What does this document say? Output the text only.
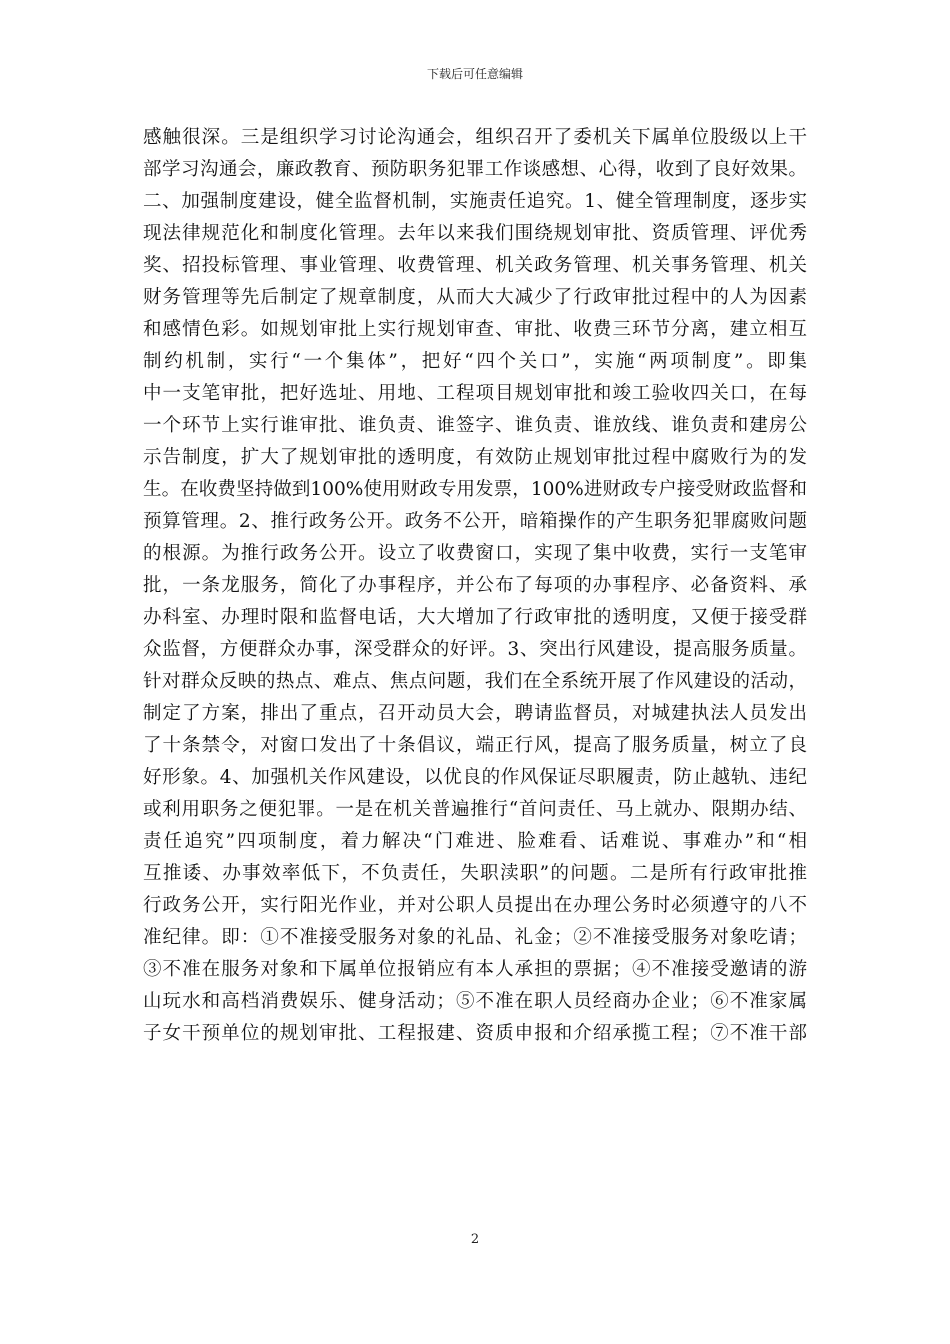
下载后可任意编辑
感触很深。三是组织学习讨论沟通会，组织召开了委机关下属单位股级以上干
部学习沟通会，廉政教育、预防职务犯罪工作谈感想、心得，收到了良好效果。
二、加强制度建设，健全监督机制，实施责任追究。1、健全管理制度，逐步实
现法律规范化和制度化管理。去年以来我们围绕规划审批、资质管理、评优秀
奖、招投标管理、事业管理、收费管理、机关政务管理、机关事务管理、机关
财务管理等先后制定了规章制度，从而大大减少了行政审批过程中的人为因素
和感情色彩。如规划审批上实行规划审查、审批、收费三环节分离，建立相互
制约机制，实行“一个集体”，把好“四个关口”，实施“两项制度”。即集
中一支笔审批，把好选址、用地、工程项目规划审批和竣工验收四关口，在每
一个环节上实行谁审批、谁负责、谁签字、谁负责、谁放线、谁负责和建房公
示告制度，扩大了规划审批的透明度，有效防止规划审批过程中腐败行为的发
生。在收费坚持做到100%使用财政专用发票，100%进财政专户接受财政监督和
预算管理。2、推行政务公开。政务不公开，暗箱操作的产生职务犯罪腐败问题
的根源。为推行政务公开。设立了收费窗口，实现了集中收费，实行一支笔审
批，一条龙服务，简化了办事程序，并公布了每项的办事程序、必备资料、承
办科室、办理时限和监督电话，大大增加了行政审批的透明度，又便于接受群
众监督，方便群众办事，深受群众的好评。3、突出行风建设，提高服务质量。
针对群众反映的热点、难点、焦点问题，我们在全系统开展了作风建设的活动，
制定了方案，排出了重点，召开动员大会，聘请监督员，对城建执法人员发出
了十条禁令，对窗口发出了十条倡议，端正行风，提高了服务质量，树立了良
好形象。4、加强机关作风建设，以优良的作风保证尽职履责，防止越轨、违纪
或利用职务之便犯罪。一是在机关普遍推行“首问责任、马上就办、限期办结、
责任追究”四项制度，着力解决“门难进、脸难看、话难说、事难办”和“相
互推诿、办事效率低下，不负责任，失职渎职”的问题。二是所有行政审批推
行政务公开，实行阳光作业，并对公职人员提出在办理公务时必须遵守的八不
准纪律。即：①不准接受服务对象的礼品、礼金；②不准接受服务对象吃请；
③不准在服务对象和下属单位报销应有本人承担的票据；④不准接受邀请的游
山玩水和高档消费娱乐、健身活动；⑤不准在职人员经商办企业；⑥不准家属
子女干预单位的规划审批、工程报建、资质申报和介绍承揽工程；⑦不准干部
2
